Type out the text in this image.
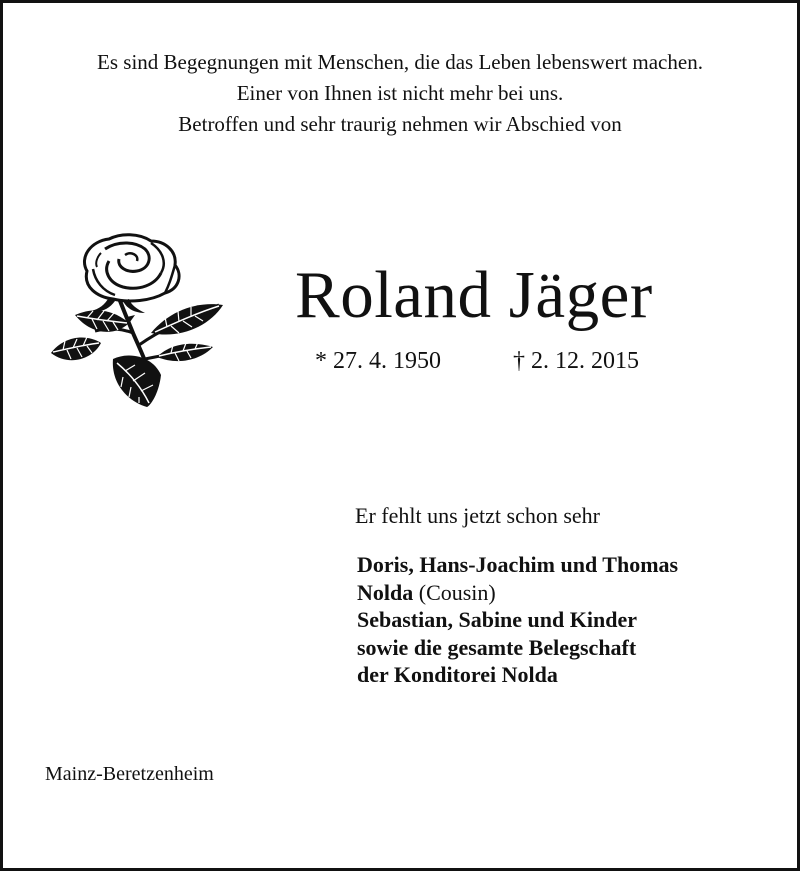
Es sind Begegnungen mit Menschen, die das Leben lebenswert machen.
Einer von Ihnen ist nicht mehr bei uns.
Betroffen und sehr traurig nehmen wir Abschied von
Roland Jäger
* 27. 4. 1950	† 2. 12. 2015
Er fehlt uns jetzt schon sehr
Doris, Hans-Joachim und Thomas
Nolda (Cousin)
Sebastian, Sabine und Kinder
sowie die gesamte Belegschaft
der Konditorei Nolda
Mainz-Beretzenheim
